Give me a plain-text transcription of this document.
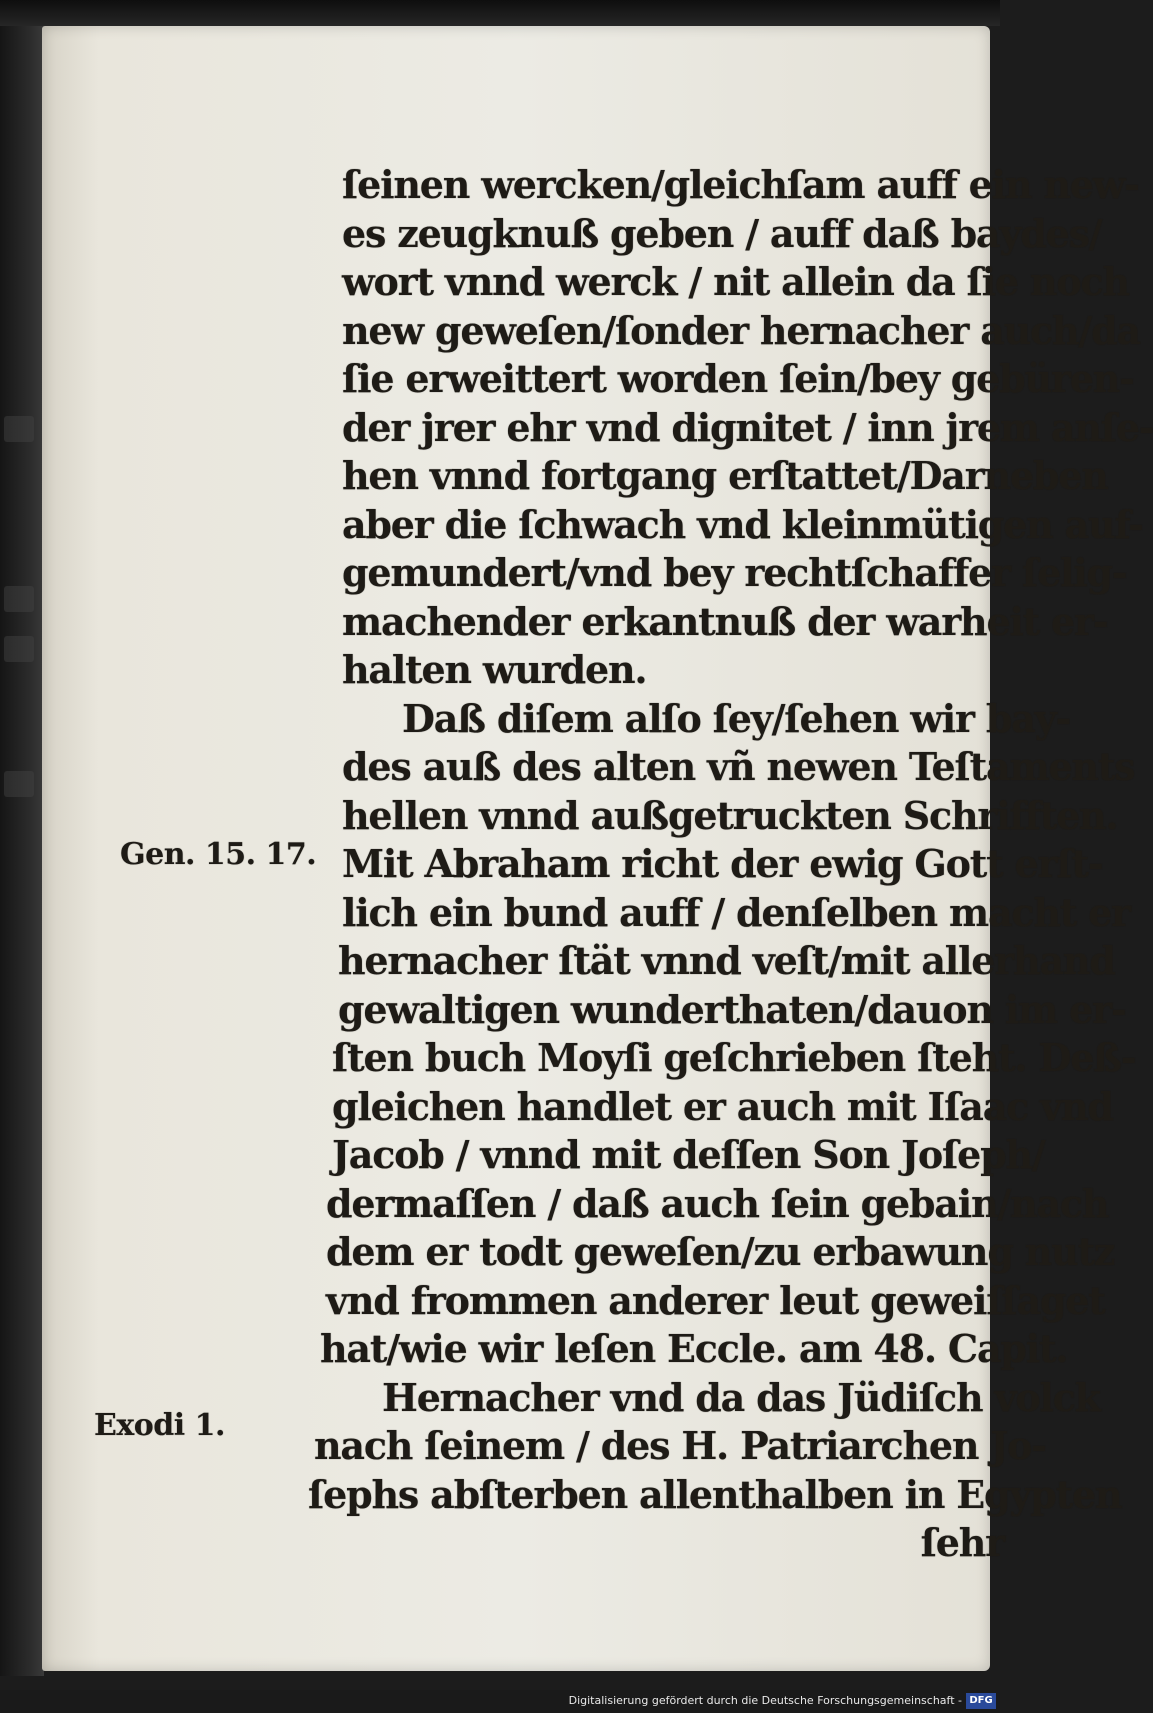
Gen. 15. 17.
Exodi 1.
ſeinen wercken/gleichſam auff ein new-
es zeugknuß geben / auff daß baydes/
wort vnnd werck / nit allein da ſie noch
new geweſen/ſonder hernacher auch/da
ſie erweittert worden ſein/bey gebüren-
der jrer ehr vnd dignitet / inn jrem anſe-
hen vnnd fortgang erſtattet/Darneben
aber die ſchwach vnd kleinmütigen auf-
gemundert/vnd bey rechtſchaffer ſelig-
machender erkantnuß der warheit er-
halten wurden.
Daß diſem alſo ſey/ſehen wir bay-
des auß des alten vñ newen Teſtaments
hellen vnnd außgetruckten Schrifften.
Mit Abraham richt der ewig Gott erſt-
lich ein bund auff / denſelben macht er
hernacher ſtät vnnd veſt/mit allerhand
gewaltigen wunderthaten/dauon im er-
ſten buch Moyſi geſchrieben ſteht. Deß-
gleichen handlet er auch mit Iſaac vnd
Jacob / vnnd mit deſſen Son Joſeph/
dermaſſen / daß auch ſein gebain/nach
dem er todt geweſen/zu erbawung nutz
vnd frommen anderer leut geweiſſaget
hat/wie wir leſen Eccle. am 48. Capit.
Hernacher vnd da das Jüdiſch volck
nach ſeinem / des H. Patriarchen Jo-
ſephs abſterben allenthalben in Egypten
ſehr
Digitalisierung gefördert durch die Deutsche Forschungsgemeinschaft - DFG
